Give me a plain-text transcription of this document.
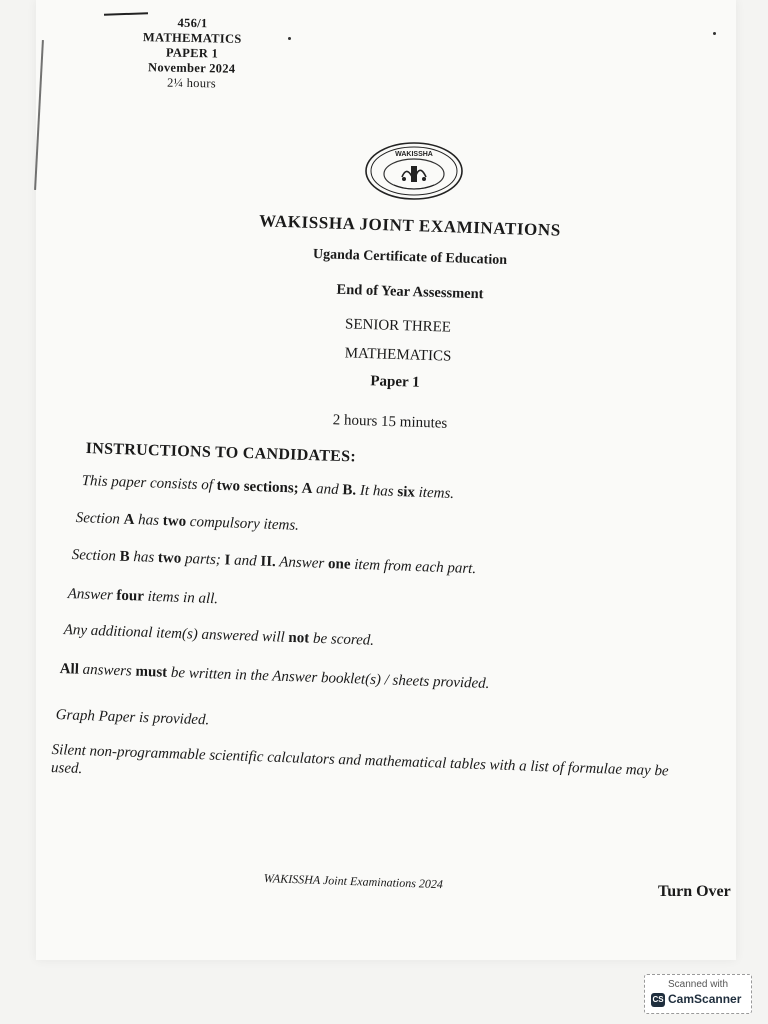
456/1
MATHEMATICS
PAPER 1
November 2024
2¼ hours
WAKISSHA
WAKISSHA JOINT EXAMINATIONS
Uganda Certificate of Education
End of Year Assessment
SENIOR THREE
MATHEMATICS
Paper 1
2 hours 15 minutes
INSTRUCTIONS TO CANDIDATES:
This paper consists of two sections; A and B. It has six items.
Section A has two compulsory items.
Section B has two parts; I and II. Answer one item from each part.
Answer four items in all.
Any additional item(s) answered will not be scored.
All answers must be written in the Answer booklet(s) / sheets provided.
Graph Paper is provided.
Silent non-programmable scientific calculators and mathematical tables with a list of formulae may be used.
WAKISSHA Joint Examinations 2024
Turn Over
Scanned with
CS CamScanner
